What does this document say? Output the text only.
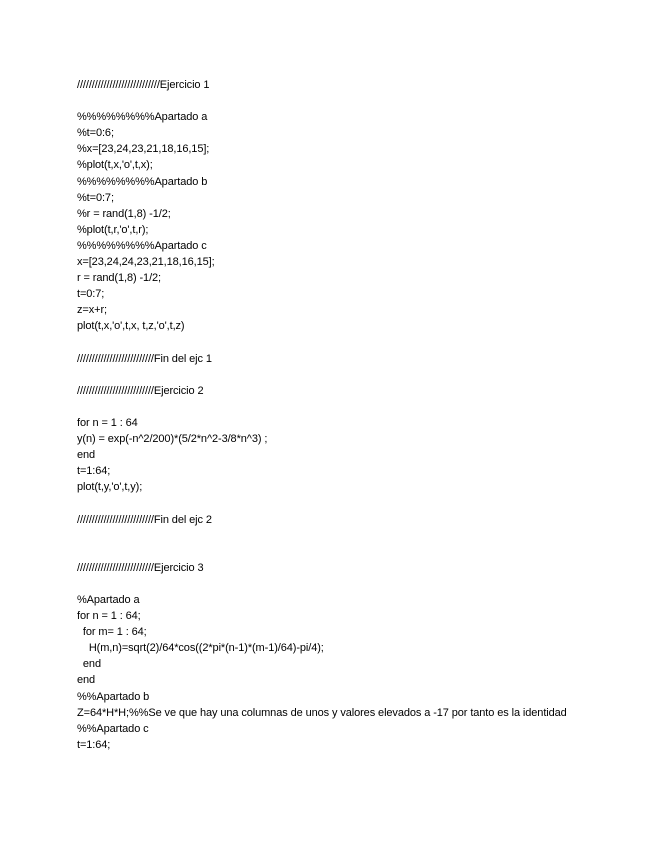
////////////////////////////Ejercicio 1
%%%%%%%%Apartado a
%t=0:6;
%x=[23,24,23,21,18,16,15];
%plot(t,x,'o',t,x);
%%%%%%%%Apartado b
%t=0:7;
%r = rand(1,8) -1/2;
%plot(t,r,'o',t,r);
%%%%%%%%Apartado c
x=[23,24,24,23,21,18,16,15];
r = rand(1,8) -1/2;
t=0:7;
z=x+r;
plot(t,x,'o',t,x, t,z,'o',t,z)
//////////////////////////Fin del ejc 1
//////////////////////////Ejercicio 2
for n = 1 : 64
y(n) = exp(-n^2/200)*(5/2*n^2-3/8*n^3) ;
end
t=1:64;
plot(t,y,'o',t,y);
//////////////////////////Fin del ejc 2
//////////////////////////Ejercicio 3
%Apartado a
for n = 1 : 64;
for m= 1 : 64;
H(m,n)=sqrt(2)/64*cos((2*pi*(n-1)*(m-1)/64)-pi/4);
end
end
%%Apartado b
Z=64*H*H;%%Se ve que hay una columnas de unos y valores elevados a -17 por tanto es la identidad
%%Apartado c
t=1:64;
